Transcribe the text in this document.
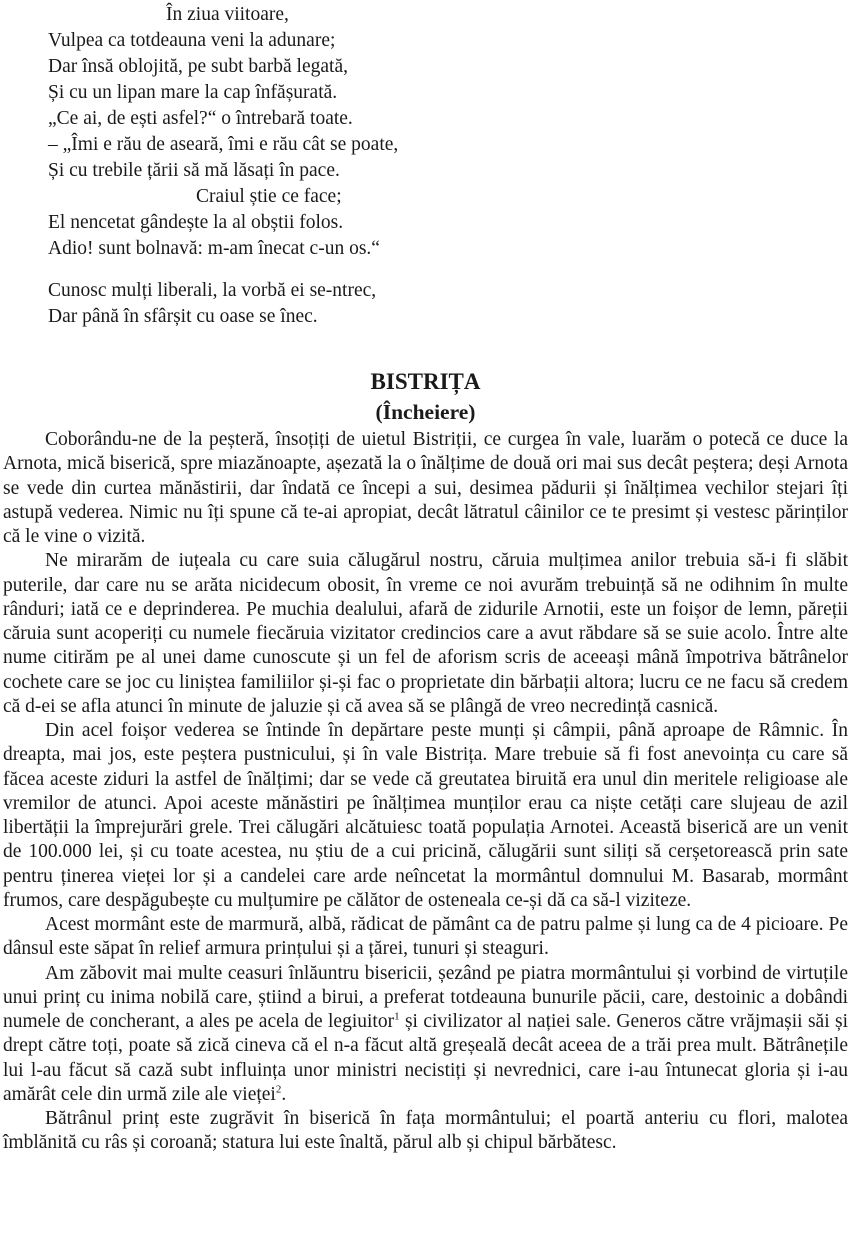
În ziua viitoare,
Vulpea ca totdeauna veni la adunare;
Dar însă oblojită, pe subt barbă legată,
Și cu un lipan mare la cap înfășurată.
„Ce ai, de ești asfel?“ o întrebară toate.
– „Îmi e rău de aseară, îmi e rău cât se poate,
Și cu trebile țării să mă lăsați în pace.
Craiul știe ce face;
El nencetat gândește la al obștii folos.
Adio! sunt bolnavă: m-am înecat c-un os.“
Cunosc mulți liberali, la vorbă ei se-ntrec,
Dar până în sfârșit cu oase se înec.
BISTRIȚA
(Încheiere)

Coborându-ne de la peșteră, însoțiți de uietul Bistriții, ce curgea în vale, luarăm o potecă ce duce la Arnota, mică biserică, spre miazănoapte, așezată la o înălțime de două ori mai sus decât peștera; deși Arnota se vede din curtea mănăstirii, dar îndată ce începi a sui, desimea pădurii și înălțimea vechilor stejari îți astupă vederea. Nimic nu îți spune că te-ai apropiat, decât lătratul câinilor ce te presimt și vestesc părinților că le vine o vizită.

Ne mirarăm de iuțeala cu care suia călugărul nostru, căruia mulțimea anilor trebuia să-i fi slăbit puterile, dar care nu se arăta nicidecum obosit, în vreme ce noi avurăm trebuință să ne odihnim în multe rânduri; iată ce e deprinderea. Pe muchia dealului, afară de zidurile Arnotii, este un foișor de lemn, păreții căruia sunt acoperiți cu numele fiecăruia vizitator credincios care a avut răbdare să se suie acolo. Între alte nume citirăm pe al unei dame cunoscute și un fel de aforism scris de aceeași mână împotriva bătrânelor cochete care se joc cu liniștea familiilor și-și fac o proprietate din bărbații altora; lucru ce ne facu să credem că d-ei se afla atunci în minute de jaluzie și că avea să se plângă de vreo necredință casnică.

Din acel foișor vederea se întinde în depărtare peste munți și câmpii, până aproape de Râmnic. În dreapta, mai jos, este peștera pustnicului, și în vale Bistrița. Mare trebuie să fi fost anevoința cu care să făcea aceste ziduri la astfel de înălțimi; dar se vede că greutatea biruită era unul din meritele religioase ale vremilor de atunci. Apoi aceste mănăstiri pe înălțimea munților erau ca niște cetăți care slujeau de azil libertății la împrejurări grele. Trei călugări alcătuiesc toată populația Arnotei. Această biserică are un venit de 100.000 lei, și cu toate acestea, nu știu de a cui pricină, călugării sunt siliți să cerșetorească prin sate pentru ținerea vieței lor și a candelei care arde neîncetat la mormântul domnului M. Basarab, mormânt frumos, care despăgubește cu mulțumire pe călător de osteneala ce-și dă ca să-l viziteze.

Acest mormânt este de marmură, albă, rădicat de pământ ca de patru palme și lung ca de 4 picioare. Pe dânsul este săpat în relief armura prințului și a țărei, tunuri și steaguri.

Am zăbovit mai multe ceasuri înlăuntru bisericii, șezând pe piatra mormântului și vorbind de virtuțile unui prinț cu inima nobilă care, știind a birui, a preferat totdeauna bunurile păcii, care, destoinic a dobândi numele de concherant, a ales pe acela de legiuitor$^1$ și civilizator al nației sale. Generos către vrăjmașii săi și drept către toți, poate să zică cineva că el n-a făcut altă greșeală decât aceea de a trăi prea mult. Bătrânețile lui l-au făcut să cază subt influința unor ministri necistiți și nevrednici, care i-au întunecat gloria și i-au amărât cele din urmă zile ale vieței$^2$.

Bătrânul prinț este zugrăvit în biserică în fața mormântului; el poartă anteriu cu flori, malotea îmblănită cu râs și coroană; statura lui este înaltă, părul alb și chipul bărbătesc.
